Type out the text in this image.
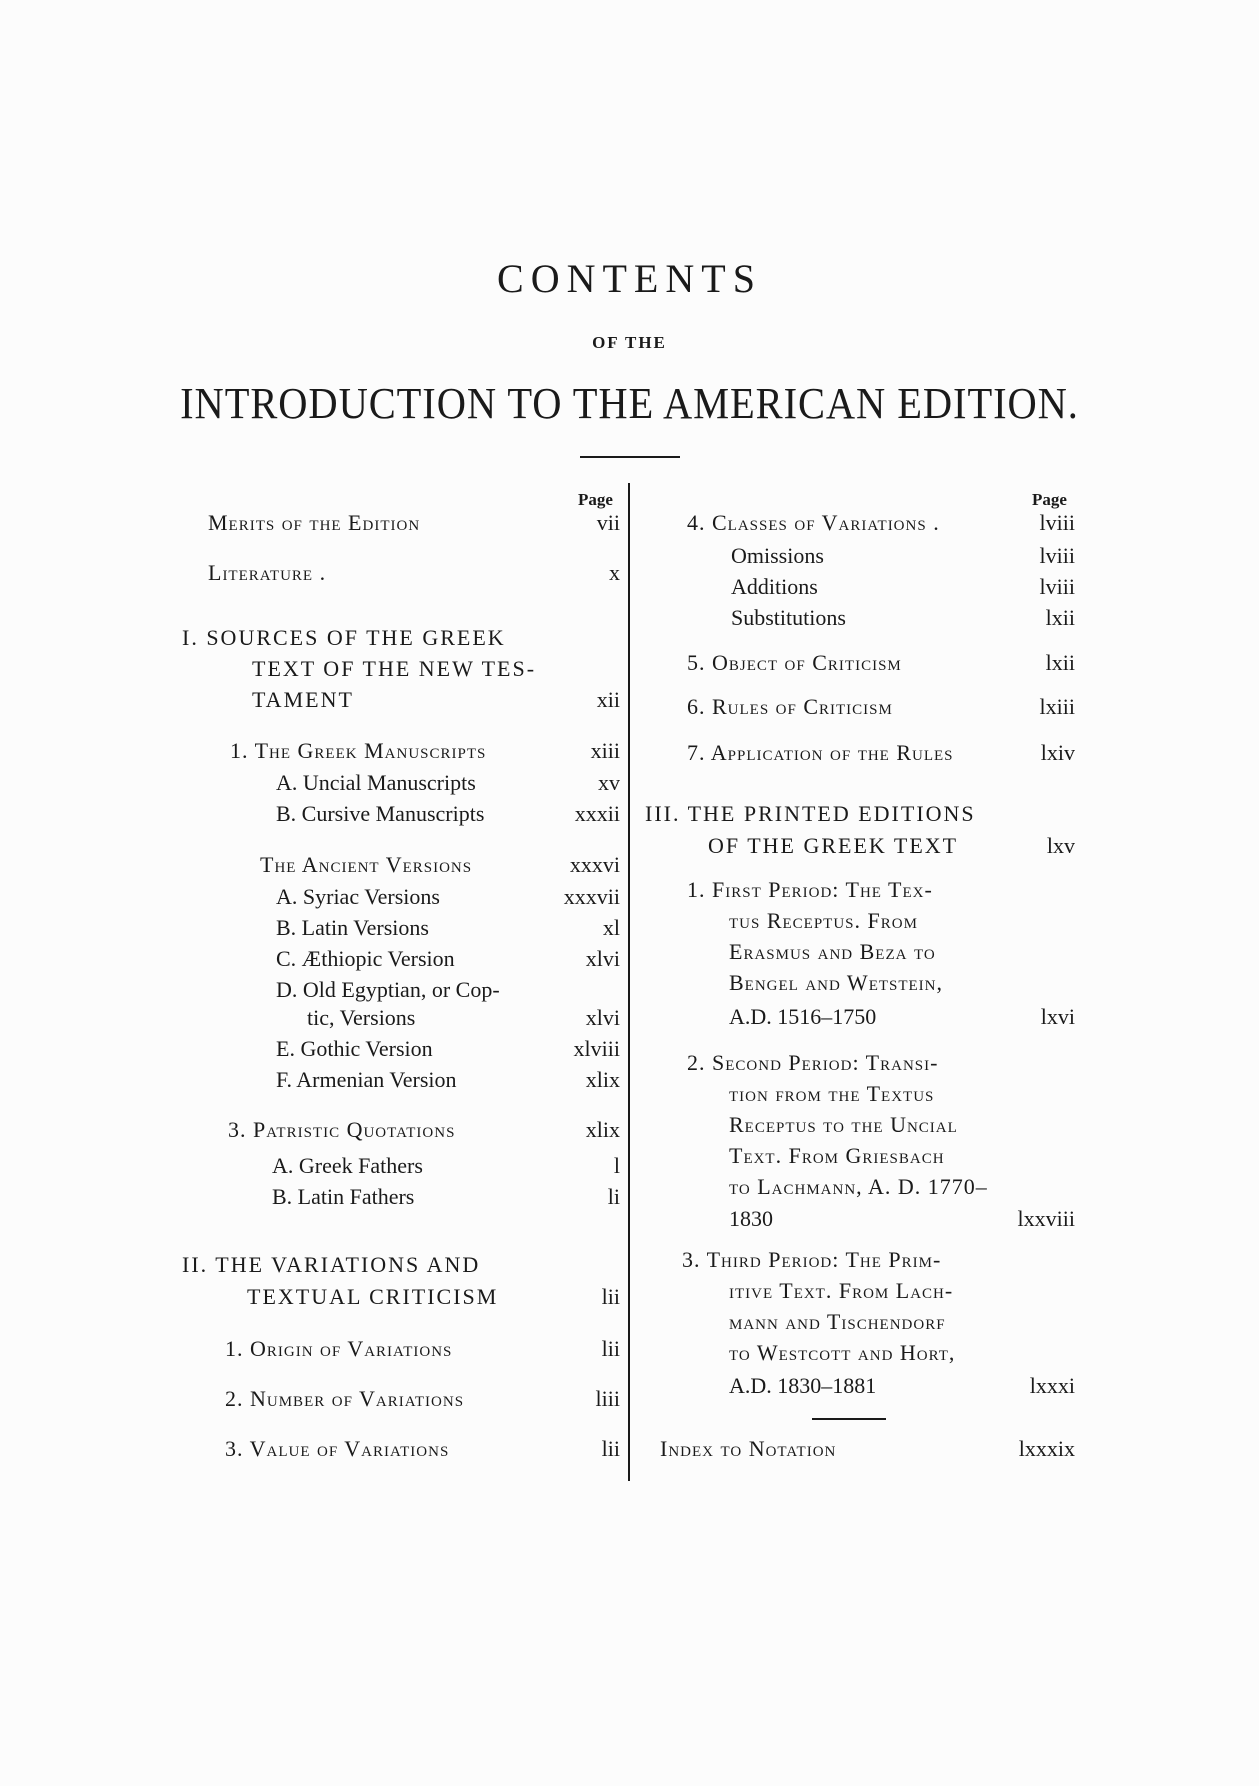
CONTENTS
OF THE
INTRODUCTION TO THE AMERICAN EDITION.
Page
Merits of the Edition	vii
Literature .	x
I. SOURCES OF THE GREEK
TEXT OF THE NEW TES-
TAMENT	xii
1. The Greek Manuscripts	xiii
A. Uncial Manuscripts	xv
B. Cursive Manuscripts	xxxii
The Ancient Versions	xxxvi
A. Syriac Versions	xxxvii
B. Latin Versions	xl
C. Æthiopic Version	xlvi
D. Old Egyptian, or Cop-
tic, Versions	xlvi
E. Gothic Version	xlviii
F. Armenian Version	xlix
3. Patristic Quotations	xlix
A. Greek Fathers	l
B. Latin Fathers	li
II. THE VARIATIONS AND
TEXTUAL CRITICISM	lii
1. Origin of Variations	lii
2. Number of Variations	liii
3. Value of Variations	lii
Page
4. Classes of Variations .	lviii
Omissions	lviii
Additions	lviii
Substitutions	lxii
5. Object of Criticism	lxii
6. Rules of Criticism	lxiii
7. Application of the Rules	lxiv
III. THE PRINTED EDITIONS
OF THE GREEK TEXT	lxv
1. First Period: The Tex-
tus Receptus. From
Erasmus and Beza to
Bengel and Wetstein,
A.D. 1516–1750	lxvi
2. Second Period: Transi-
tion from the Textus
Receptus to the Uncial
Text. From Griesbach
to Lachmann, A. D. 1770–
1830	lxxviii
3. Third Period: The Prim-
itive Text. From Lach-
mann and Tischendorf
to Westcott and Hort,
A.D. 1830–1881	lxxxi
Index to Notation	lxxxix
